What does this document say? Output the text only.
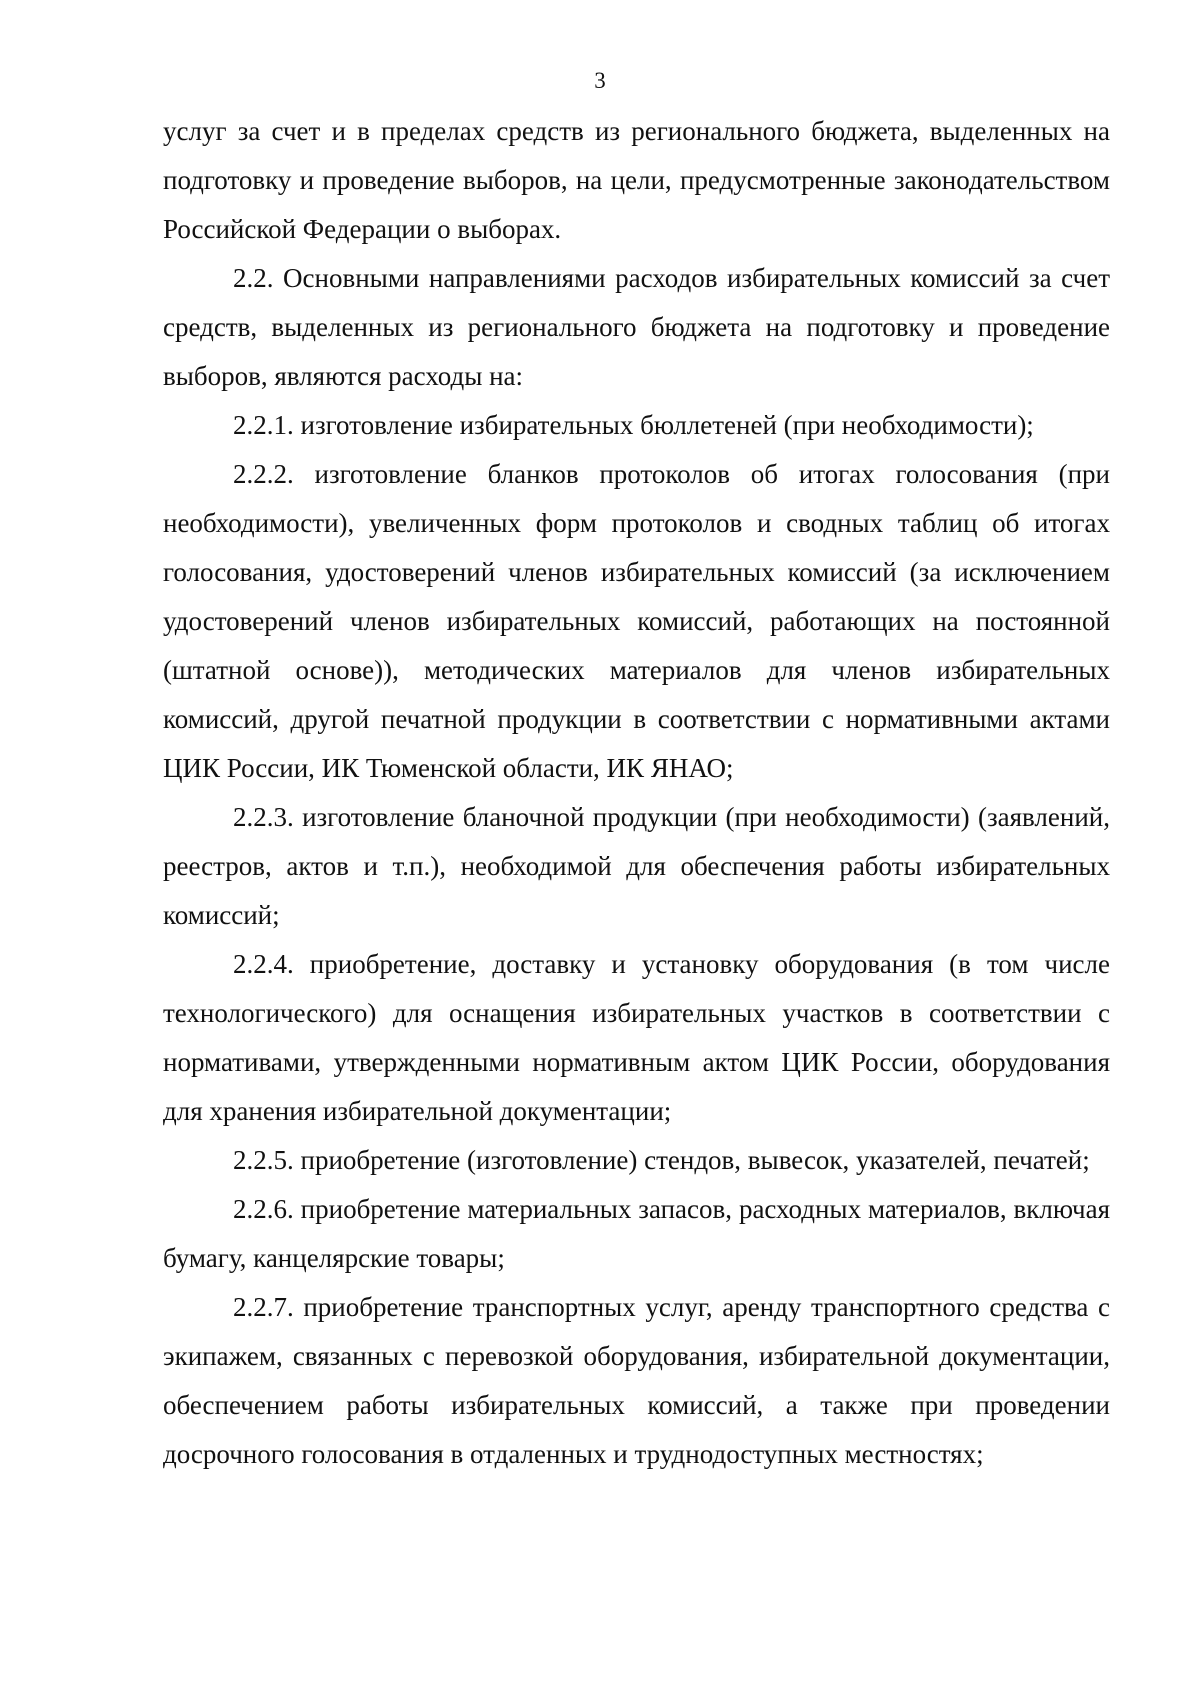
3

услуг за счет и в пределах средств из регионального бюджета, выделенных на подготовку и проведение выборов, на цели, предусмотренные законодательством Российской Федерации о выборах.

2.2. Основными направлениями расходов избирательных комиссий за счет средств, выделенных из регионального бюджета на подготовку и проведение выборов, являются расходы на:

2.2.1. изготовление избирательных бюллетеней (при необходимости);

2.2.2. изготовление бланков протоколов об итогах голосования (при необходимости), увеличенных форм протоколов и сводных таблиц об итогах голосования, удостоверений членов избирательных комиссий (за исключением удостоверений членов избирательных комиссий, работающих на постоянной (штатной основе)), методических материалов для членов избирательных комиссий, другой печатной продукции в соответствии с нормативными актами ЦИК России, ИК Тюменской области, ИК ЯНАО;

2.2.3. изготовление бланочной продукции (при необходимости) (заявлений, реестров, актов и т.п.), необходимой для обеспечения работы избирательных комиссий;

2.2.4. приобретение, доставку и установку оборудования (в том числе технологического) для оснащения избирательных участков в соответствии с нормативами, утвержденными нормативным актом ЦИК России, оборудования для хранения избирательной документации;

2.2.5. приобретение (изготовление) стендов, вывесок, указателей, печатей;

2.2.6. приобретение материальных запасов, расходных материалов, включая бумагу, канцелярские товары;

2.2.7. приобретение транспортных услуг, аренду транспортного средства с экипажем, связанных с перевозкой оборудования, избирательной документации, обеспечением работы избирательных комиссий, а также при проведении досрочного голосования в отдаленных и труднодоступных местностях;
